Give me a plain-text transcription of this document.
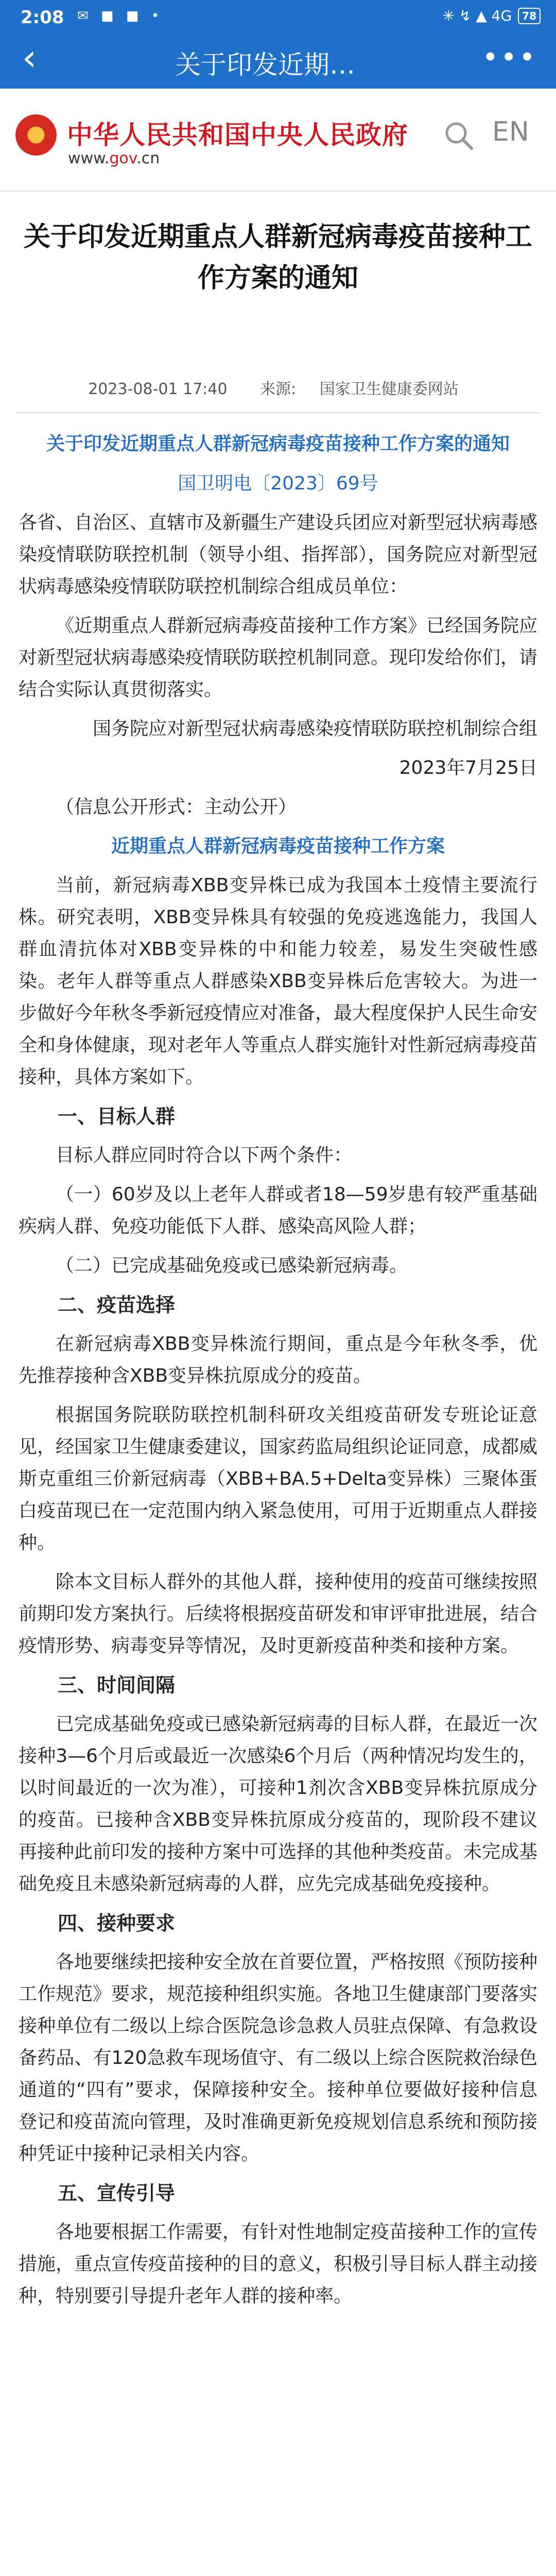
2:08 ✉ ■ ■ •	✳ ↯ ▲ 4G	78
‹	关于印发近期…	•••
中华人民共和国中央人民政府
www.gov.cn
EN
关于印发近期重点人群新冠病毒疫苗接种工作方案的通知
2023-08-01 17:40 来源: 国家卫生健康委网站

关于印发近期重点人群新冠病毒疫苗接种工作方案的通知

国卫明电〔2023〕69号

各省、自治区、直辖市及新疆生产建设兵团应对新型冠状病毒感染疫情联防联控机制（领导小组、指挥部），国务院应对新型冠状病毒感染疫情联防联控机制综合组成员单位：

《近期重点人群新冠病毒疫苗接种工作方案》已经国务院应对新型冠状病毒感染疫情联防联控机制同意。现印发给你们，请结合实际认真贯彻落实。

国务院应对新型冠状病毒感染疫情联防联控机制综合组

2023年7月25日

（信息公开形式：主动公开）

近期重点人群新冠病毒疫苗接种工作方案

当前，新冠病毒XBB变异株已成为我国本土疫情主要流行株。研究表明，XBB变异株具有较强的免疫逃逸能力，我国人群血清抗体对XBB变异株的中和能力较差，易发生突破性感染。老年人群等重点人群感染XBB变异株后危害较大。为进一步做好今年秋冬季新冠疫情应对准备，最大程度保护人民生命安全和身体健康，现对老年人等重点人群实施针对性新冠病毒疫苗接种，具体方案如下。

一、目标人群

目标人群应同时符合以下两个条件：

（一）60岁及以上老年人群或者18—59岁患有较严重基础疾病人群、免疫功能低下人群、感染高风险人群；

（二）已完成基础免疫或已感染新冠病毒。

二、疫苗选择

在新冠病毒XBB变异株流行期间，重点是今年秋冬季，优先推荐接种含XBB变异株抗原成分的疫苗。

根据国务院联防联控机制科研攻关组疫苗研发专班论证意见，经国家卫生健康委建议，国家药监局组织论证同意，成都威斯克重组三价新冠病毒（XBB+BA.5+Delta变异株）三聚体蛋白疫苗现已在一定范围内纳入紧急使用，可用于近期重点人群接种。

除本文目标人群外的其他人群，接种使用的疫苗可继续按照前期印发方案执行。后续将根据疫苗研发和审评审批进展，结合疫情形势、病毒变异等情况，及时更新疫苗种类和接种方案。

三、时间间隔

已完成基础免疫或已感染新冠病毒的目标人群，在最近一次接种3—6个月后或最近一次感染6个月后（两种情况均发生的，以时间最近的一次为准），可接种1剂次含XBB变异株抗原成分的疫苗。已接种含XBB变异株抗原成分疫苗的，现阶段不建议再接种此前印发的接种方案中可选择的其他种类疫苗。未完成基础免疫且未感染新冠病毒的人群，应先完成基础免疫接种。

四、接种要求

各地要继续把接种安全放在首要位置，严格按照《预防接种工作规范》要求，规范接种组织实施。各地卫生健康部门要落实接种单位有二级以上综合医院急诊急救人员驻点保障、有急救设备药品、有120急救车现场值守、有二级以上综合医院救治绿色通道的“四有”要求，保障接种安全。接种单位要做好接种信息登记和疫苗流向管理，及时准确更新免疫规划信息系统和预防接种凭证中接种记录相关内容。

五、宣传引导

各地要根据工作需要，有针对性地制定疫苗接种工作的宣传措施，重点宣传疫苗接种的目的意义，积极引导目标人群主动接种，特别要引导提升老年人群的接种率。
